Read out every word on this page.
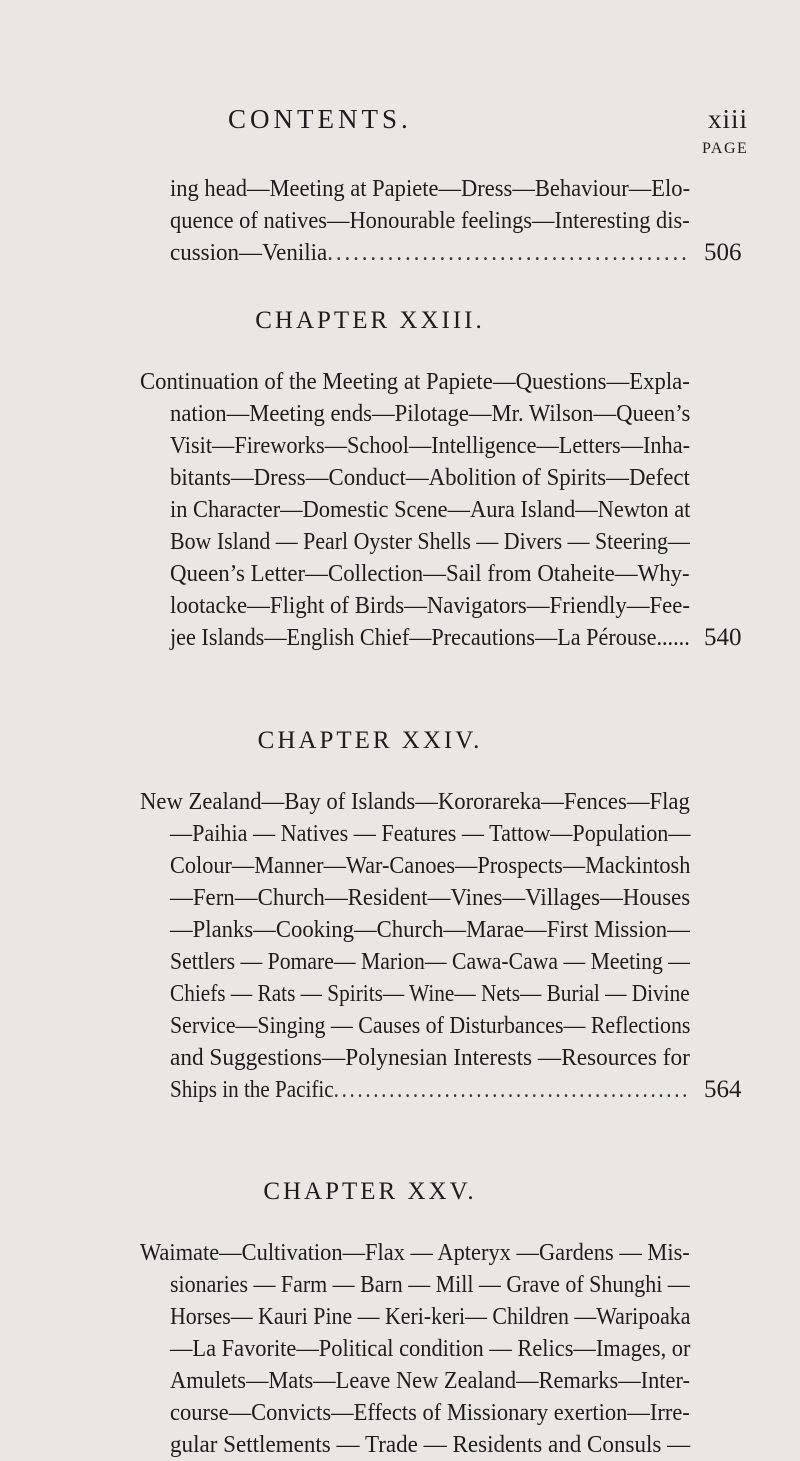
CONTENTS.	xiii
PAGE
ing head—Meeting at Papiete—Dress—Behaviour—Elo-
quence of natives—Honourable feelings—Interesting dis-
cussion—Venilia.......................................... 506
CHAPTER XXIII.
Continuation of the Meeting at Papiete—Questions—Expla-
nation—Meeting ends—Pilotage—Mr. Wilson—Queen’s
Visit—Fireworks—School—Intelligence—Letters—Inha-
bitants—Dress—Conduct—Abolition of Spirits—Defect
in Character—Domestic Scene—Aura Island—Newton at
Bow Island — Pearl Oyster Shells — Divers — Steering—
Queen’s Letter—Collection—Sail from Otaheite—Why-
lootacke—Flight of Birds—Navigators—Friendly—Fee-
jee Islands—English Chief—Precautions—La Pérouse...... 540
CHAPTER XXIV.
New Zealand—Bay of Islands—Kororareka—Fences—Flag
—Paihia — Natives — Features — Tattow—Population—
Colour—Manner—War-Canoes—Prospects—Mackintosh
—Fern—Church—Resident—Vines—Villages—Houses
—Planks—Cooking—Church—Marae—First Mission—
Settlers — Pomare— Marion— Cawa-Cawa — Meeting —
Chiefs — Rats — Spirits— Wine— Nets— Burial — Divine
Service—Singing — Causes of Disturbances— Reflections
and Suggestions—Polynesian Interests —Resources for
Ships in the Pacific............................................. 564
CHAPTER XXV.
Waimate—Cultivation—Flax — Apteryx —Gardens — Mis-
sionaries — Farm — Barn — Mill — Grave of Shunghi —
Horses— Kauri Pine — Keri-keri— Children —Waripoaka
—La Favorite—Political condition — Relics—Images, or
Amulets—Mats—Leave New Zealand—Remarks—Inter-
course—Convicts—Effects of Missionary exertion—Irre-
gular Settlements — Trade — Residents and Consuls —
